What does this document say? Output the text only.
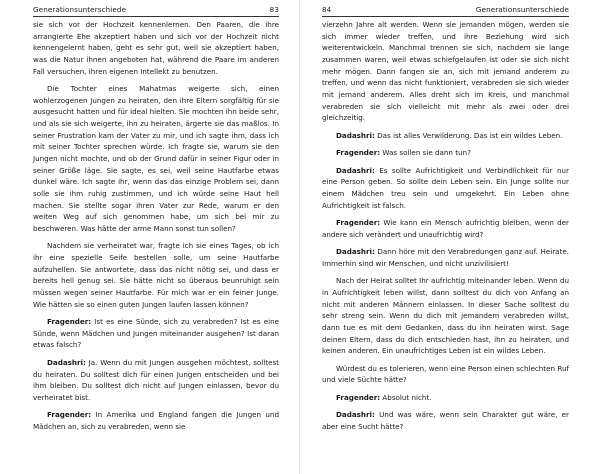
Generationsunterschiede	83

sie sich vor der Hochzeit kennenlernen. Den Paaren, die ihre arrangierte Ehe akzeptiert haben und sich vor der Hochzeit nicht kennengelernt haben, geht es sehr gut, weil sie akzeptiert haben, was die Natur ihnen angeboten hat, während die Paare im anderen Fall versuchen, ihren eigenen Intellekt zu benutzen.

Die Tochter eines Mahatmas weigerte sich, einen wohlerzogenen Jungen zu heiraten, den ihre Eltern sorgfältig für sie ausgesucht hatten und für ideal hielten. Sie mochten ihn beide sehr, und als sie sich weigerte, ihn zu heiraten, ärgerte sie das maßlos. In seiner Frustration kam der Vater zu mir, und ich sagte ihm, dass ich mit seiner Tochter sprechen würde. Ich fragte sie, warum sie den Jungen nicht mochte, und ob der Grund dafür in seiner Figur oder in seiner Größe läge. Sie sagte, es sei, weil seine Hautfarbe etwas dunkel wäre. Ich sagte ihr, wenn das das einzige Problem sei, dann solle sie ihm ruhig zustimmen, und ich würde seine Haut hell machen. Sie stellte sogar ihren Vater zur Rede, warum er den weiten Weg auf sich genommen habe, um sich bei mir zu beschweren. Was hätte der arme Mann sonst tun sollen?

Nachdem sie verheiratet war, fragte ich sie eines Tages, ob ich ihr eine spezielle Seife bestellen solle, um seine Hautfarbe aufzuhellen. Sie antwortete, dass das nicht nötig sei, und dass er bereits hell genug sei. Sie hätte nicht so überaus beunruhigt sein müssen wegen seiner Hautfarbe. Für mich war er ein feiner Junge. Wie hätten sie so einen guten Jungen laufen lassen können?

Fragender: Ist es eine Sünde, sich zu verabreden? Ist es eine Sünde, wenn Mädchen und Jungen miteinander ausgehen? Ist daran etwas falsch?

Dadashri: Ja. Wenn du mit Jungen ausgehen möchtest, solltest du heiraten. Du solltest dich für einen Jungen entscheiden und bei ihm bleiben. Du solltest dich nicht auf Jungen einlassen, bevor du verheiratet bist.

Fragender: In Amerika und England fangen die Jungen und Mädchen an, sich zu verabreden, wenn sie

84	Generationsunterschiede

vierzehn Jahre alt werden. Wenn sie jemanden mögen, werden sie sich immer wieder treffen, und ihre Beziehung wird sich weiterentwickeln. Manchmal trennen sie sich, nachdem sie lange zusammen waren, weil etwas schiefgelaufen ist oder sie sich nicht mehr mögen. Dann fangen sie an, sich mit jemand anderem zu treffen, und wenn das nicht funktioniert, verabreden sie sich wieder mit jemand anderem. Alles dreht sich im Kreis, und manchmal verabreden sie sich vielleicht mit mehr als zwei oder drei gleichzeitig.

Dadashri: Das ist alles Verwilderung. Das ist ein wildes Leben.

Fragender: Was sollen sie dann tun?

Dadashri: Es sollte Aufrichtigkeit und Verbindlichkeit für nur eine Person geben. So sollte dein Leben sein. Ein Junge sollte nur einem Mädchen treu sein und umgekehrt. Ein Leben ohne Aufrichtigkeit ist falsch.

Fragender: Wie kann ein Mensch aufrichtig bleiben, wenn der andere sich verändert und unaufrichtig wird?

Dadashri: Dann höre mit den Verabredungen ganz auf. Heirate. Immerhin sind wir Menschen, und nicht unzivilisiert!

Nach der Heirat solltet Ihr aufrichtig miteinander leben. Wenn du in Aufrichtigkeit leben willst, dann solltest du dich von Anfang an nicht mit anderen Männern einlassen. In dieser Sache solltest du sehr streng sein. Wenn du dich mit jemandem verabreden willst, dann tue es mit dem Gedanken, dass du ihn heiraten wirst. Sage deinen Eltern, dass du dich entschieden hast, ihn zu heiraten, und keinen anderen. Ein unaufrichtiges Leben ist ein wildes Leben.

Würdest du es tolerieren, wenn eine Person einen schlechten Ruf und viele Süchte hätte?

Fragender: Absolut nicht.

Dadashri: Und was wäre, wenn sein Charakter gut wäre, er aber eine Sucht hätte?
